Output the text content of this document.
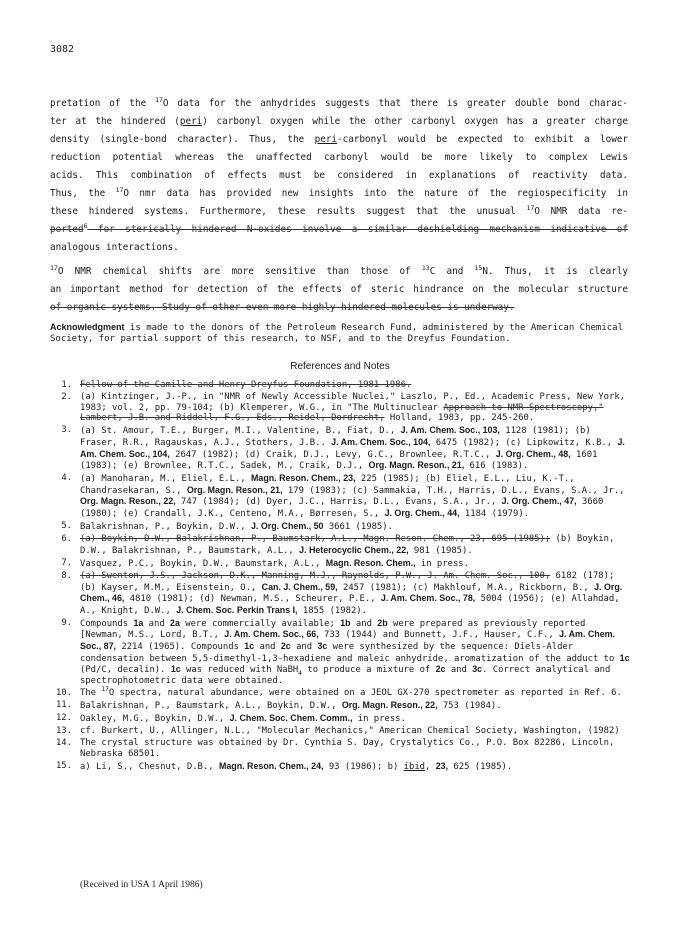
3082
pretation of the $^{17}$O data for the anhydrides suggests that there is greater double bond charac-
ter at the hindered (peri) carbonyl oxygen while the other carbonyl oxygen has a greater charge
density (single-bond character). Thus, the peri-carbonyl would be expected to exhibit a lower
reduction potential whereas the unaffected carbonyl would be more likely to complex Lewis
acids. This combination of effects must be considered in explanations of reactivity data.
Thus, the $^{17}$O nmr data has provided new insights into the nature of the regiospecificity in
these hindered systems. Furthermore, these results suggest that the unusual $^{17}$O NMR data re-
ported$^6$ for sterically hindered N-oxides involve a similar deshielding mechanism indicative of
analogous interactions.
$^{17}$O NMR chemical shifts are more sensitive than those of $^{13}$C and $^{15}$N. Thus, it is clearly
an important method for detection of the effects of steric hindrance on the molecular structure
of organic systems. Study of other even more highly hindered molecules is underway.
Acknowledgment is made to the donors of the Petroleum Research Fund, administered by the American Chemical Society, for partial support of this research, to NSF, and to the Dreyfus Foundation.
References and Notes
1. Fellow of the Camille and Henry Dreyfus Foundation, 1981-1986.
2. (a) Kintzinger, J.-P., in "NMR of Newly Accessible Nuclei," Laszlo, P., Ed., Academic Press, New York, 1983; vol. 2, pp. 79-104; (b) Klemperer, W.G., in "The Multinuclear Approach to NMR Spectroscopy," Lambert, J.B. and Riddell, F.G., Eds., Reidel, Dordrecht, Holland, 1983, pp. 245-260.
3. (a) St. Amour, T.E., Burger, M.I., Valentine, B., Fiat, D., J. Am. Chem. Soc., 103, 1128 (1981); (b) Fraser, R.R., Ragauskas, A.J., Stothers, J.B.. J. Am. Chem. Soc., 104, 6475 (1982); (c) Lipkowitz, K.B., J. Am. Chem. Soc., 104, 2647 (1982); (d) Craik, D.J., Levy, G.C., Brownlee, R.T.C., J. Org. Chem., 48, 1601 (1983); (e) Brownlee, R.T.C., Sadek, M., Craik, D.J., Org. Magn. Reson., 21, 616 (1983).
4. (a) Manoharan, M., Eliel, E.L., Magn. Reson. Chem., 23, 225 (1985); (b) Eliel, E.L., Liu, K.-T., Chandrasekaran, S., Org. Magn. Reson., 21, 179 (1983); (c) Sammakia, T.H., Harris, D.L., Evans, S.A., Jr., Org. Magn. Reson., 22, 747 (1984); (d) Dyer, J.C., Harris, D.L., Evans, S.A., Jr., J. Org. Chem., 47, 3660 (1980); (e) Crandall, J.K., Centeno, M.A., Børresen, S., J. Org. Chem., 44, 1184 (1979).
5. Balakrishnan, P., Boykin, D.W., J. Org. Chem., 50 3661 (1985).
6. (a) Boykin, D.W., Balakrishnan, P., Baumstark, A.L., Magn. Reson. Chem., 23, 695 (1985); (b) Boykin, D.W., Balakrishnan, P., Baumstark, A.L., J. Heterocyclic Chem., 22, 981 (1985).
7. Vasquez, P.C., Boykin, D.W., Baumstark, A.L., Magn. Reson. Chem., in press.
8. (a) Swenton, J.S., Jackson, D.K., Manning, M.J., Raynolds, P.W., J. Am. Chem. Soc., 100, 6182 (178); (b) Kayser, M.M., Eisenstein, O., Can. J. Chem., 59, 2457 (1981); (c) Makhlouf, M.A., Rickborn, B., J. Org. Chem., 46, 4810 (1981); (d) Newman, M.S., Scheurer, P.E., J. Am. Chem. Soc., 78, 5004 (1956); (e) Allahdad, A., Knight, D.W., J. Chem. Soc. Perkin Trans I, 1855 (1982).
9. Compounds 1a and 2a were commercially available; 1b and 2b were prepared as previously reported [Newman, M.S., Lord, B.T., J. Am. Chem. Soc., 66, 733 (1944) and Bunnett, J.F., Hauser, C.F., J. Am. Chem. Soc., 87, 2214 (1965). Compounds 1c and 2c and 3c were synthesized by the sequence: Diels-Alder condensation between 5,5-dimethyl-1,3-hexadiene and maleic anhydride, aromatization of the adduct to 1c (Pd/C, decalin). 1c was reduced with NaBH$_4$ to produce a mixture of 2c and 3c. Correct analytical and spectrophotometric data were obtained.
10. The $^{17}$O spectra, natural abundance, were obtained on a JEOL GX-270 spectrometer as reported in Ref. 6.
11. Balakrishnan, P., Baumstark, A.L., Boykin, D.W., Org. Magn. Reson., 22, 753 (1984).
12. Oakley, M.G., Boykin, D.W., J. Chem. Soc. Chem. Comm., in press.
13. cf. Burkert, U., Allinger, N.L., "Molecular Mechanics," American Chemical Society, Washington, (1982)
14. The crystal structure was obtained by Dr. Cynthia S. Day, Crystalytics Co., P.O. Box 82286, Lincoln, Nebraska 68501.
15. a) Li, S., Chesnut, D.B., Magn. Reson. Chem., 24, 93 (1986); b) ibid, 23, 625 (1985).
(Received in USA 1 April 1986)
